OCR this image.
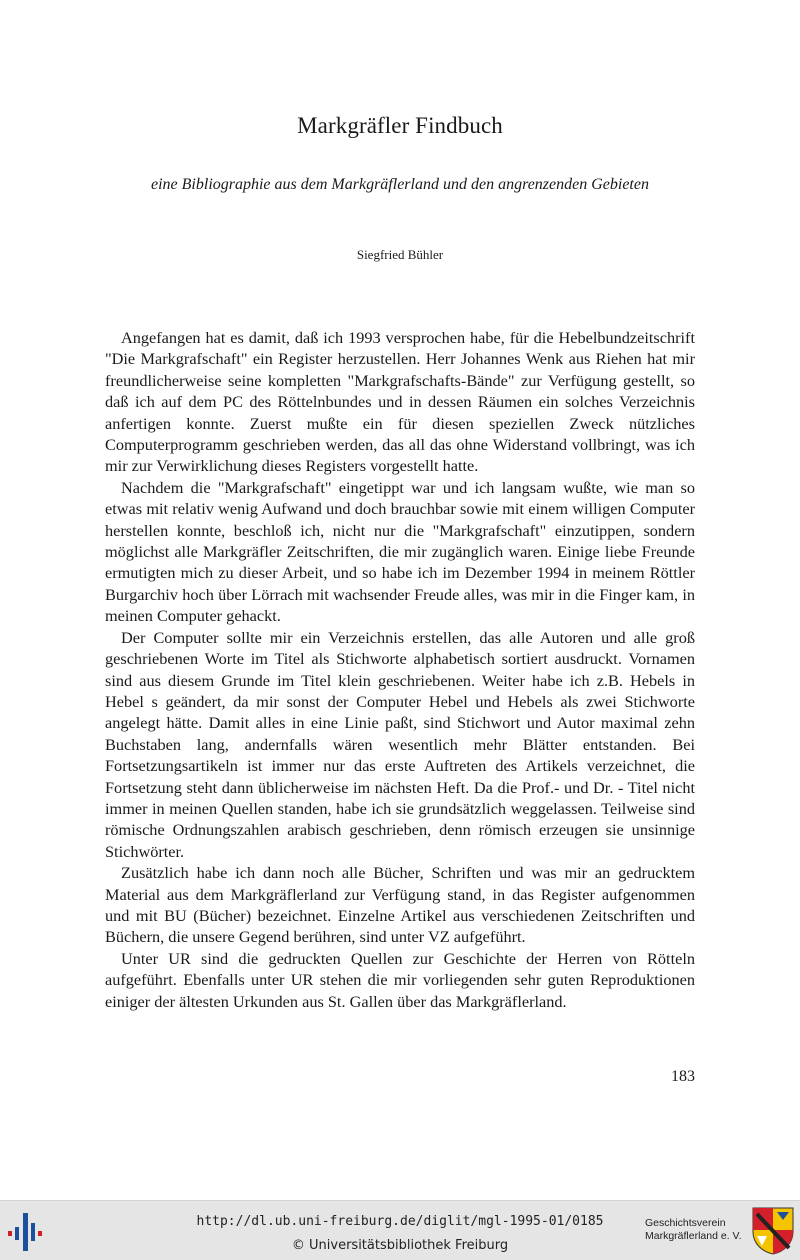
Markgräfler Findbuch
eine Bibliographie aus dem Markgräflerland und den angrenzenden Gebieten
Siegfried Bühler

Angefangen hat es damit, daß ich 1993 versprochen habe, für die Hebelbundzeitschrift "Die Markgrafschaft" ein Register herzustellen. Herr Johannes Wenk aus Riehen hat mir freundlicherweise seine kompletten "Markgrafschafts-Bände" zur Verfügung gestellt, so daß ich auf dem PC des Röttelnbundes und in dessen Räumen ein solches Verzeichnis anfertigen konnte. Zuerst mußte ein für diesen speziellen Zweck nützliches Computerprogramm geschrieben werden, das all das ohne Widerstand vollbringt, was ich mir zur Verwirklichung dieses Registers vorgestellt hatte.

Nachdem die "Markgrafschaft" eingetippt war und ich langsam wußte, wie man so etwas mit relativ wenig Aufwand und doch brauchbar sowie mit einem willigen Computer herstellen konnte, beschloß ich, nicht nur die "Markgrafschaft" einzutippen, sondern möglichst alle Markgräfler Zeitschriften, die mir zugänglich waren. Einige liebe Freunde ermutigten mich zu dieser Arbeit, und so habe ich im Dezember 1994 in meinem Röttler Burgarchiv hoch über Lörrach mit wachsender Freude alles, was mir in die Finger kam, in meinen Computer gehackt.

Der Computer sollte mir ein Verzeichnis erstellen, das alle Autoren und alle groß geschriebenen Worte im Titel als Stichworte alphabetisch sortiert ausdruckt. Vornamen sind aus diesem Grunde im Titel klein geschriebenen. Weiter habe ich z.B. Hebels in Hebel s geändert, da mir sonst der Computer Hebel und Hebels als zwei Stichworte angelegt hätte. Damit alles in eine Linie paßt, sind Stichwort und Autor maximal zehn Buchstaben lang, andernfalls wären wesentlich mehr Blätter entstanden. Bei Fortsetzungsartikeln ist immer nur das erste Auftreten des Artikels verzeichnet, die Fortsetzung steht dann üblicherweise im nächsten Heft. Da die Prof.- und Dr. - Titel nicht immer in meinen Quellen standen, habe ich sie grundsätzlich weggelassen. Teilweise sind römische Ordnungszahlen arabisch geschrieben, denn römisch erzeugen sie unsinnige Stichwörter.

Zusätzlich habe ich dann noch alle Bücher, Schriften und was mir an gedrucktem Material aus dem Markgräflerland zur Verfügung stand, in das Register aufgenommen und mit BU (Bücher) bezeichnet. Einzelne Artikel aus verschiedenen Zeitschriften und Büchern, die unsere Gegend berühren, sind unter VZ aufgeführt.

Unter UR sind die gedruckten Quellen zur Geschichte der Herren von Rötteln aufgeführt. Ebenfalls unter UR stehen die mir vorliegenden sehr guten Reproduktionen einiger der ältesten Urkunden aus St. Gallen über das Markgräflerland.

183
http://dl.ub.uni-freiburg.de/diglit/mgl-1995-01/0185
© Universitätsbibliothek Freiburg
Geschichtsverein
Markgräflerland e. V.
